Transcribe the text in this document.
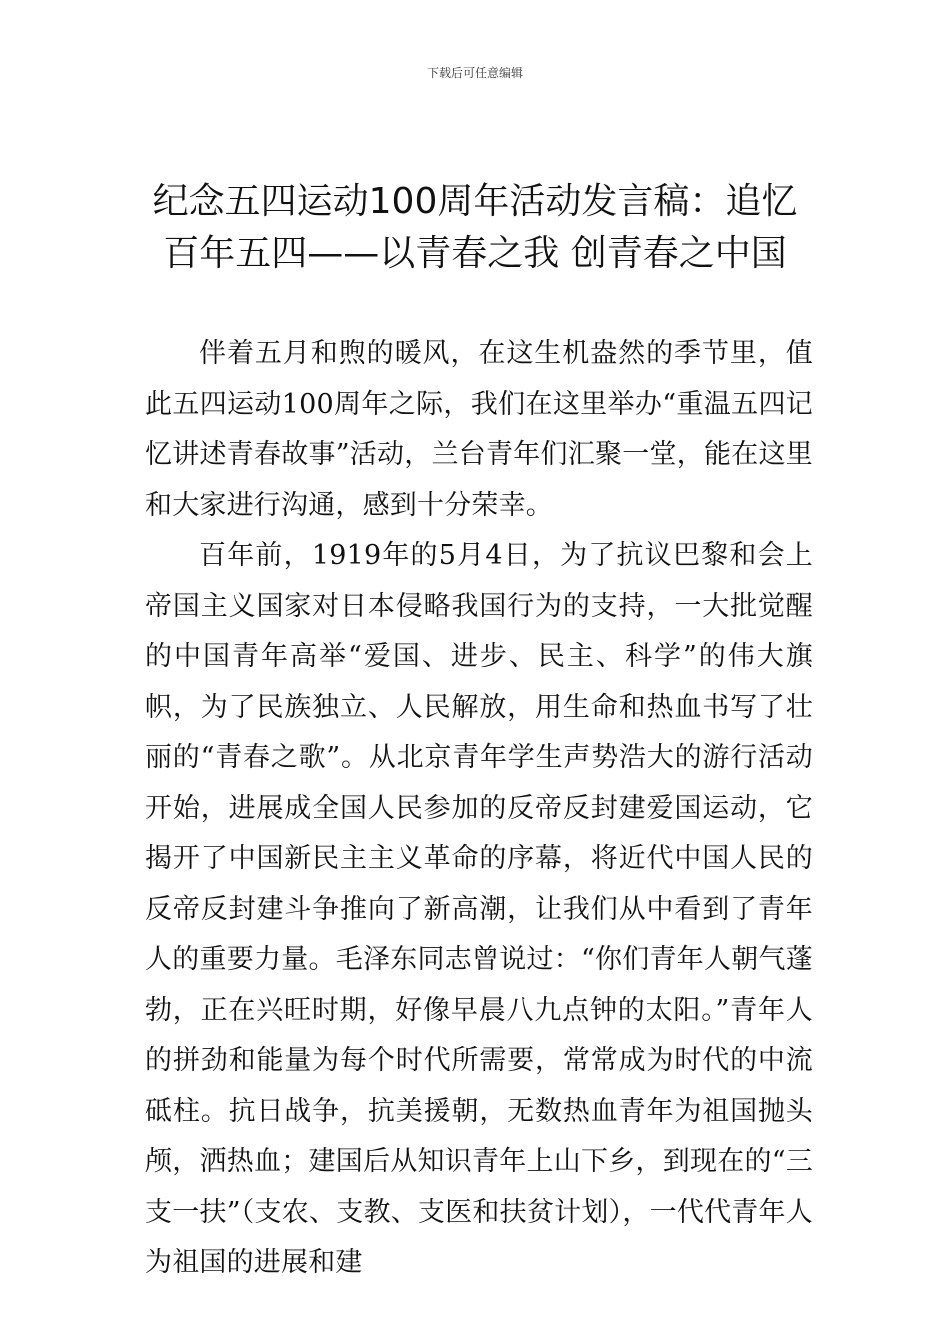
下载后可任意编辑
纪念五四运动100周年活动发言稿：追忆
百年五四——以青春之我 创青春之中国

伴着五月和煦的暖风，在这生机盎然的季节里，值此五四运动100周年之际，我们在这里举办“重温五四记忆讲述青春故事”活动，兰台青年们汇聚一堂，能在这里和大家进行沟通，感到十分荣幸。

百年前，1919年的5月4日，为了抗议巴黎和会上帝国主义国家对日本侵略我国行为的支持，一大批觉醒的中国青年高举“爱国、进步、民主、科学”的伟大旗帜，为了民族独立、人民解放，用生命和热血书写了壮丽的“青春之歌”。从北京青年学生声势浩大的游行活动开始，进展成全国人民参加的反帝反封建爱国运动，它揭开了中国新民主主义革命的序幕，将近代中国人民的反帝反封建斗争推向了新高潮，让我们从中看到了青年人的重要力量。毛泽东同志曾说过：“你们青年人朝气蓬勃，正在兴旺时期，好像早晨八九点钟的太阳。”青年人的拼劲和能量为每个时代所需要，常常成为时代的中流砥柱。抗日战争，抗美援朝，无数热血青年为祖国抛头颅，洒热血；建国后从知识青年上山下乡，到现在的“三支一扶”（支农、支教、支医和扶贫计划），一代代青年人为祖国的进展和建
